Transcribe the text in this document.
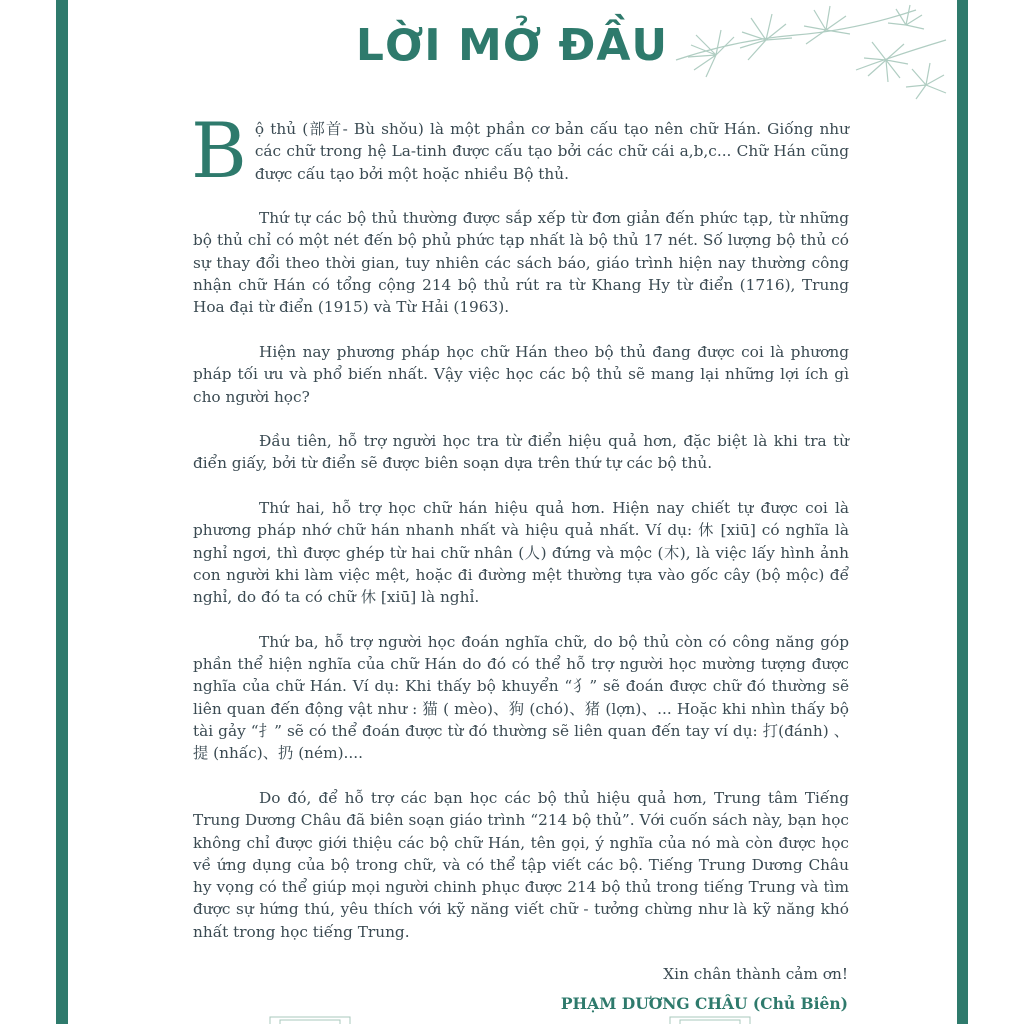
LỜI MỞ ĐẦU

Bộ thủ (部首- Bù shǒu) là một phần cơ bản cấu tạo nên chữ Hán. Giống như các chữ trong hệ La-tinh được cấu tạo bởi các chữ cái a,b,c... Chữ Hán cũng được cấu tạo bởi một hoặc nhiều Bộ thủ.

Thứ tự các bộ thủ thường được sắp xếp từ đơn giản đến phức tạp, từ những bộ thủ chỉ có một nét đến bộ phủ phức tạp nhất là bộ thủ 17 nét. Số lượng bộ thủ có sự thay đổi theo thời gian, tuy nhiên các sách báo, giáo trình hiện nay thường công nhận chữ Hán có tổng cộng 214 bộ thủ rút ra từ Khang Hy từ điển (1716), Trung Hoa đại từ điển (1915) và Từ Hải (1963).

Hiện nay phương pháp học chữ Hán theo bộ thủ đang được coi là phương pháp tối ưu và phổ biến nhất. Vậy việc học các bộ thủ sẽ mang lại những lợi ích gì cho người học?

Đầu tiên, hỗ trợ người học tra từ điển hiệu quả hơn, đặc biệt là khi tra từ điển giấy, bởi từ điển sẽ được biên soạn dựa trên thứ tự các bộ thủ.

Thứ hai, hỗ trợ học chữ hán hiệu quả hơn. Hiện nay chiết tự được coi là phương pháp nhớ chữ hán nhanh nhất và hiệu quả nhất. Ví dụ: 休 [xiū] có nghĩa là nghỉ ngơi, thì được ghép từ hai chữ nhân (人) đứng và mộc (木), là việc lấy hình ảnh con người khi làm việc mệt, hoặc đi đường mệt thường tựa vào gốc cây (bộ mộc) để nghỉ, do đó ta có chữ 休 [xiū] là nghỉ.

Thứ ba, hỗ trợ người học đoán nghĩa chữ, do bộ thủ còn có công năng góp phần thể hiện nghĩa của chữ Hán do đó có thể hỗ trợ người học mường tượng được nghĩa của chữ Hán. Ví dụ: Khi thấy bộ khuyển “犭” sẽ đoán được chữ đó thường sẽ liên quan đến động vật như : 猫 ( mèo)、狗 (chó)、猪 (lợn)、... Hoặc khi nhìn thấy bộ tài gảy “扌” sẽ có thể đoán được từ đó thường sẽ liên quan đến tay ví dụ: 打(đánh) 、提 (nhấc)、扔 (ném)....

Do đó, để hỗ trợ các bạn học các bộ thủ hiệu quả hơn, Trung tâm Tiếng Trung Dương Châu đã biên soạn giáo trình “214 bộ thủ”. Với cuốn sách này, bạn học không chỉ được giới thiệu các bộ chữ Hán, tên gọi, ý nghĩa của nó mà còn được học về ứng dụng của bộ trong chữ, và có thể tập viết các bộ. Tiếng Trung Dương Châu hy vọng có thể giúp mọi người chinh phục được 214 bộ thủ trong tiếng Trung và tìm được sự hứng thú, yêu thích với kỹ năng viết chữ - tưởng chừng như là kỹ năng khó nhất trong học tiếng Trung.

Xin chân thành cảm ơn!
PHẠM DƯƠNG CHÂU (Chủ Biên)
